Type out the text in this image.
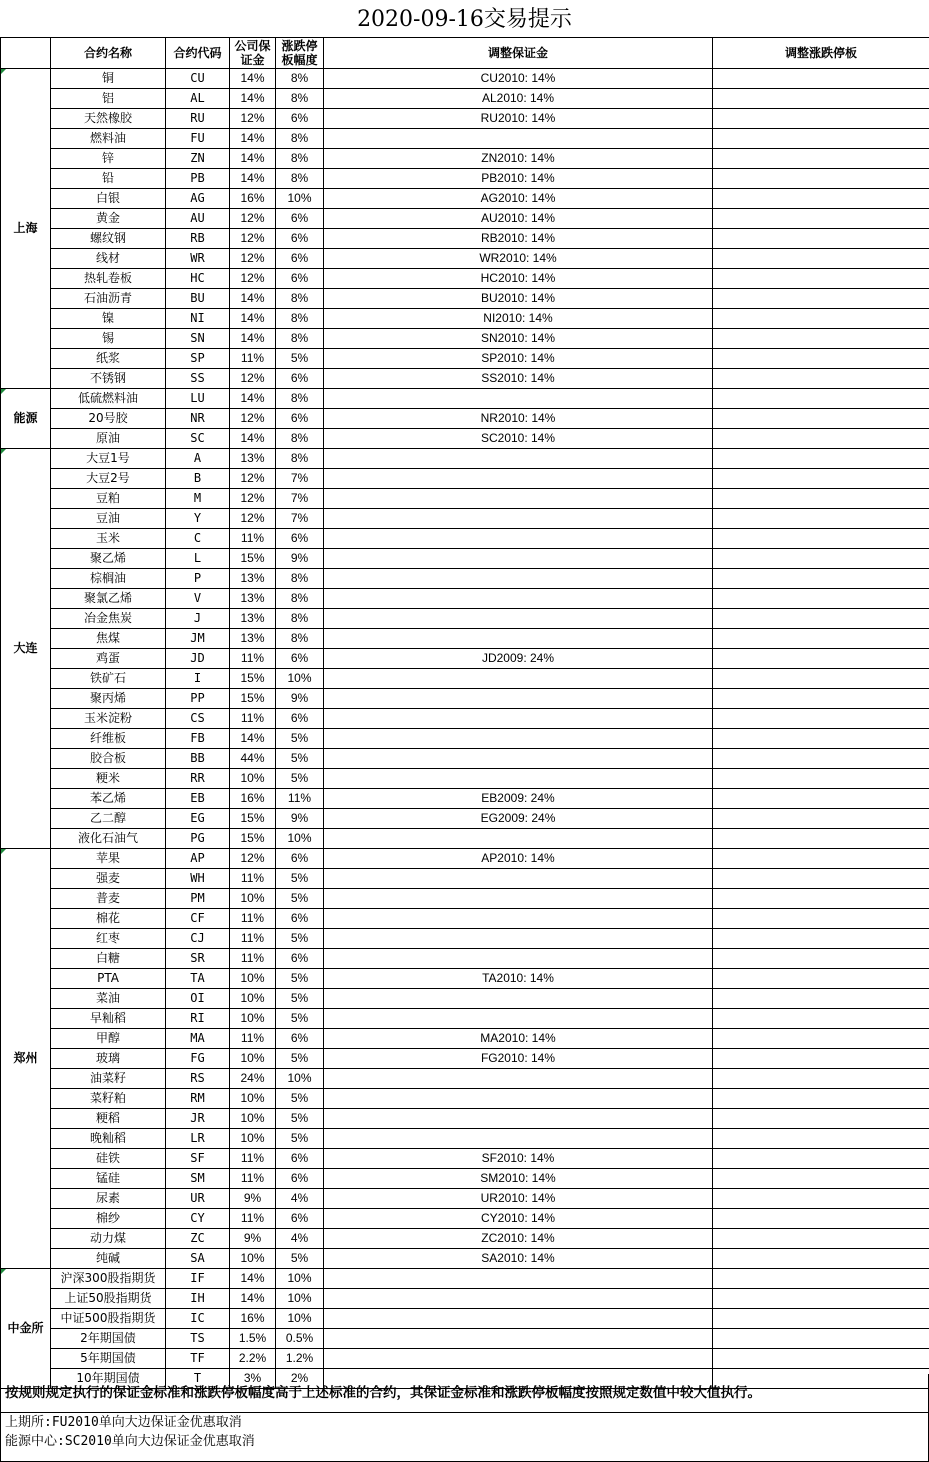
2020-09-16交易提示
	合约名称	合约代码	公司保证金	涨跌停板幅度	调整保证金	调整涨跌停板
上海	铜	CU	14%	8%	CU2010: 14%	
	铝	AL	14%	8%	AL2010: 14%	
	天然橡胶	RU	12%	6%	RU2010: 14%	
	燃料油	FU	14%	8%		
	锌	ZN	14%	8%	ZN2010: 14%	
	铅	PB	14%	8%	PB2010: 14%	
	白银	AG	16%	10%	AG2010: 14%	
	黄金	AU	12%	6%	AU2010: 14%	
	螺纹钢	RB	12%	6%	RB2010: 14%	
	线材	WR	12%	6%	WR2010: 14%	
	热轧卷板	HC	12%	6%	HC2010: 14%	
	石油沥青	BU	14%	8%	BU2010: 14%	
	镍	NI	14%	8%	NI2010: 14%	
	锡	SN	14%	8%	SN2010: 14%	
	纸浆	SP	11%	5%	SP2010: 14%	
	不锈钢	SS	12%	6%	SS2010: 14%	
能源	低硫燃料油	LU	14%	8%		
	20号胶	NR	12%	6%	NR2010: 14%	
	原油	SC	14%	8%	SC2010: 14%	
大连	大豆1号	A	13%	8%		
	大豆2号	B	12%	7%		
	豆粕	M	12%	7%		
	豆油	Y	12%	7%		
	玉米	C	11%	6%		
	聚乙烯	L	15%	9%		
	棕榈油	P	13%	8%		
	聚氯乙烯	V	13%	8%		
	冶金焦炭	J	13%	8%		
	焦煤	JM	13%	8%		
	鸡蛋	JD	11%	6%	JD2009: 24%	
	铁矿石	I	15%	10%		
	聚丙烯	PP	15%	9%		
	玉米淀粉	CS	11%	6%		
	纤维板	FB	14%	5%		
	胶合板	BB	44%	5%		
	粳米	RR	10%	5%		
	苯乙烯	EB	16%	11%	EB2009: 24%	
	乙二醇	EG	15%	9%	EG2009: 24%	
	液化石油气	PG	15%	10%		
郑州	苹果	AP	12%	6%	AP2010: 14%	
	强麦	WH	11%	5%		
	普麦	PM	10%	5%		
	棉花	CF	11%	6%		
	红枣	CJ	11%	5%		
	白糖	SR	11%	6%		
	PTA	TA	10%	5%	TA2010: 14%	
	菜油	OI	10%	5%		
	早籼稻	RI	10%	5%		
	甲醇	MA	11%	6%	MA2010: 14%	
	玻璃	FG	10%	5%	FG2010: 14%	
	油菜籽	RS	24%	10%		
	菜籽粕	RM	10%	5%		
	粳稻	JR	10%	5%		
	晚籼稻	LR	10%	5%		
	硅铁	SF	11%	6%	SF2010: 14%	
	锰硅	SM	11%	6%	SM2010: 14%	
	尿素	UR	9%	4%	UR2010: 14%	
	棉纱	CY	11%	6%	CY2010: 14%	
	动力煤	ZC	9%	4%	ZC2010: 14%	
	纯碱	SA	10%	5%	SA2010: 14%	
中金所	沪深300股指期货	IF	14%	10%		
	上证50股指期货	IH	14%	10%		
	中证500股指期货	IC	16%	10%		
	2年期国债	TS	1.5%	0.5%		
	5年期国债	TF	2.2%	1.2%		
	10年期国债	T	3%	2%		
按规则规定执行的保证金标准和涨跌停板幅度高于上述标准的合约，其保证金标准和涨跌停板幅度按照规定数值中较大值执行。
上期所:FU2010单向大边保证金优惠取消
能源中心:SC2010单向大边保证金优惠取消
